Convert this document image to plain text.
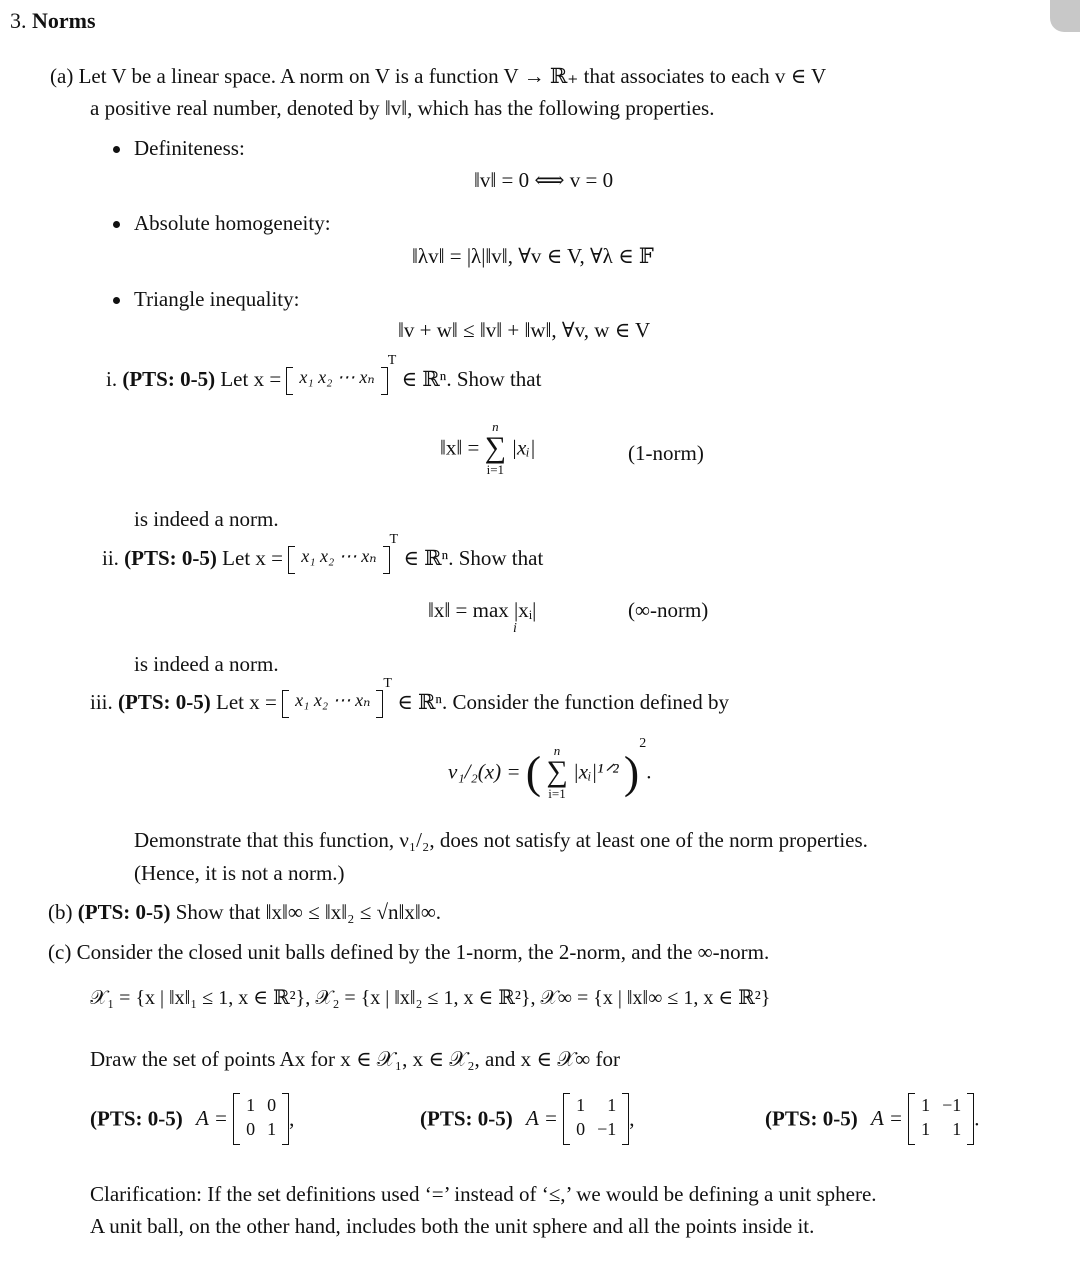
3. Norms
(a) Let V be a linear space. A norm on V is a function V → ℝ₊ that associates to each v ∈ V
a positive real number, denoted by ‖v‖, which has the following properties.
Definiteness:
‖v‖ = 0 ⟺ v = 0
Absolute homogeneity:
‖λv‖ = |λ|‖v‖, ∀v ∈ V, ∀λ ∈ 𝔽
Triangle inequality:
‖v + w‖ ≤ ‖v‖ + ‖w‖, ∀v, w ∈ V
i. (PTS: 0-5) Let x =	x₁ x₂ ⋯ xₙ
$^T$ ∈ ℝⁿ. Show that
‖x‖ =
n
∑
i=1
|xᵢ|	(1-norm)
is indeed a norm.
ii. (PTS: 0-5) Let x =	x₁ x₂ ⋯ xₙ
$^T$ ∈ ℝⁿ. Show that
‖x‖ = max |xᵢ|
i
(∞-norm)
is indeed a norm.
iii. (PTS: 0-5) Let x =	x₁ x₂ ⋯ xₙ
$^T$ ∈ ℝⁿ. Consider the function defined by
ν₁/₂(x) = ( n
∑
i=1
|xᵢ|¹ᐟ² )$^2$.
Demonstrate that this function, ν₁/₂, does not satisfy at least one of the norm properties.
(Hence, it is not a norm.)
(b) (PTS: 0-5) Show that ‖x‖∞ ≤ ‖x‖₂ ≤ √n‖x‖∞.
(c) Consider the closed unit balls defined by the 1-norm, the 2-norm, and the ∞-norm.
𝒳₁ = {x | ‖x‖₁ ≤ 1, x ∈ ℝ²}, 𝒳₂ = {x | ‖x‖₂ ≤ 1, x ∈ ℝ²}, 𝒳∞ = {x | ‖x‖∞ ≤ 1, x ∈ ℝ²}
Draw the set of points Ax for x ∈ 𝒳₁, x ∈ 𝒳₂, and x ∈ 𝒳∞ for
(PTS: 0-5) A =
1 0
0 1 ,	(PTS: 0-5) A =
1	1
0 −1 ,	(PTS: 0-5) A =
1 −1
1	1 .
Clarification: If the set definitions used ‘=’ instead of ‘≤,’ we would be defining a unit sphere.
A unit ball, on the other hand, includes both the unit sphere and all the points inside it.
